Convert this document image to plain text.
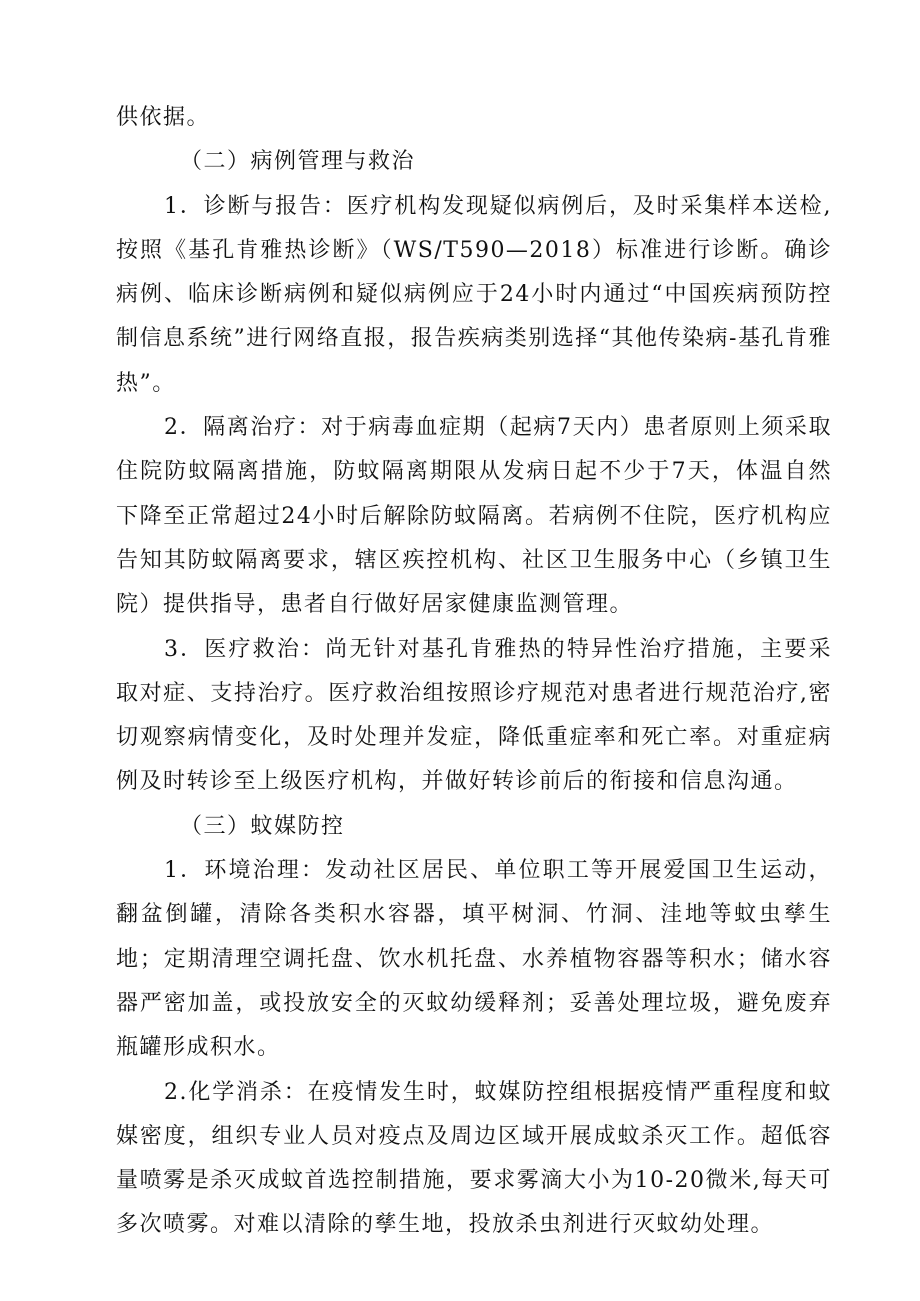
供依据。

（二）病例管理与救治

1．诊断与报告：医疗机构发现疑似病例后，及时采集样本送检,按照《基孔肯雅热诊断》（WS/T590—2018）标准进行诊断。确诊病例、临床诊断病例和疑似病例应于24小时内通过“中国疾病预防控制信息系统”进行网络直报，报告疾病类别选择“其他传染病-基孔肯雅热”。

2．隔离治疗：对于病毒血症期（起病7天内）患者原则上须采取住院防蚊隔离措施，防蚊隔离期限从发病日起不少于7天，体温自然下降至正常超过24小时后解除防蚊隔离。若病例不住院，医疗机构应告知其防蚊隔离要求，辖区疾控机构、社区卫生服务中心（乡镇卫生院）提供指导，患者自行做好居家健康监测管理。

3．医疗救治：尚无针对基孔肯雅热的特异性治疗措施，主要采取对症、支持治疗。医疗救治组按照诊疗规范对患者进行规范治疗,密切观察病情变化，及时处理并发症，降低重症率和死亡率。对重症病例及时转诊至上级医疗机构，并做好转诊前后的衔接和信息沟通。

（三）蚊媒防控

1．环境治理：发动社区居民、单位职工等开展爱国卫生运动，翻盆倒罐，清除各类积水容器，填平树洞、竹洞、洼地等蚊虫孳生地；定期清理空调托盘、饮水机托盘、水养植物容器等积水；储水容器严密加盖，或投放安全的灭蚊幼缓释剂；妥善处理垃圾，避免废弃瓶罐形成积水。

2.化学消杀：在疫情发生时，蚊媒防控组根据疫情严重程度和蚊媒密度，组织专业人员对疫点及周边区域开展成蚊杀灭工作。超低容量喷雾是杀灭成蚊首选控制措施，要求雾滴大小为10-20微米,每天可多次喷雾。对难以清除的孳生地，投放杀虫剂进行灭蚊幼处理。
